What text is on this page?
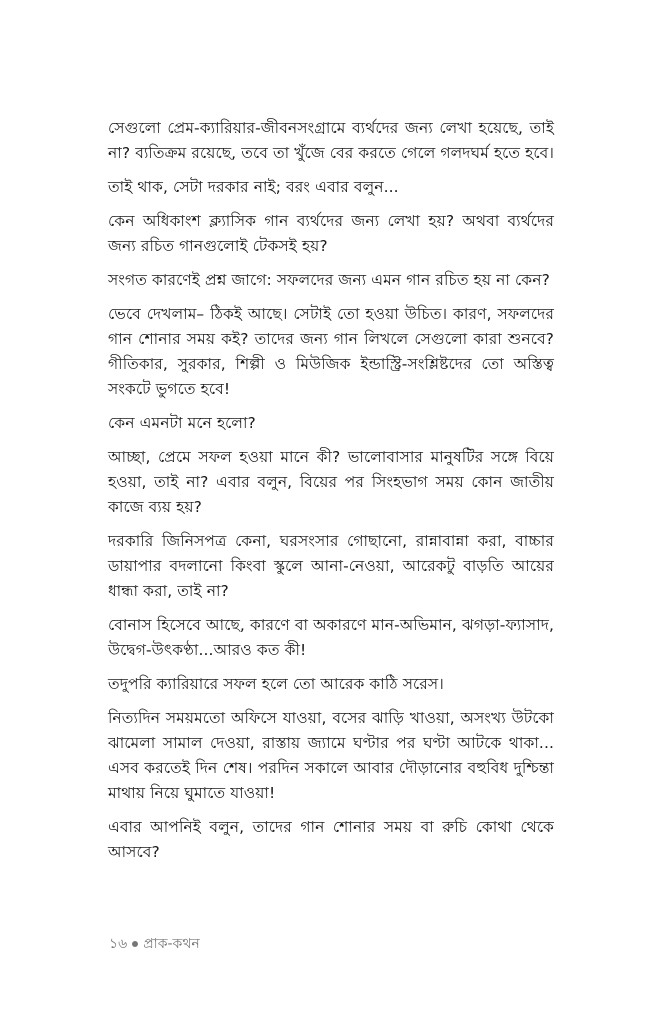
সেগুলো প্রেম-ক্যারিয়ার-জীবনসংগ্রামে ব্যর্থদের জন্য লেখা হয়েছে, তাই না? ব্যতিক্রম রয়েছে, তবে তা খুঁজে বের করতে গেলে গলদঘর্ম হতে হবে।

তাই থাক, সেটা দরকার নাই; বরং এবার বলুন...

কেন অধিকাংশ ক্ল্যাসিক গান ব্যর্থদের জন্য লেখা হয়? অথবা ব্যর্থদের জন্য রচিত গানগুলোই টেকসই হয়?

সংগত কারণেই প্রশ্ন জাগে: সফলদের জন্য এমন গান রচিত হয় না কেন?

ভেবে দেখলাম– ঠিকই আছে। সেটাই তো হওয়া উচিত। কারণ, সফলদের গান শোনার সময় কই? তাদের জন্য গান লিখলে সেগুলো কারা শুনবে? গীতিকার, সুরকার, শিল্পী ও মিউজিক ইন্ডাস্ট্রি-সংশ্লিষ্টদের তো অস্তিত্ব সংকটে ভুগতে হবে!

কেন এমনটা মনে হলো?

আচ্ছা, প্রেমে সফল হওয়া মানে কী? ভালোবাসার মানুষটির সঙ্গে বিয়ে হওয়া, তাই না? এবার বলুন, বিয়ের পর সিংহভাগ সময় কোন জাতীয় কাজে ব্যয় হয়?

দরকারি জিনিসপত্র কেনা, ঘরসংসার গোছানো, রান্নাবান্না করা, বাচ্চার ডায়াপার বদলানো কিংবা স্কুলে আনা-নেওয়া, আরেকটু বাড়তি আয়ের ধান্ধা করা, তাই না?

বোনাস হিসেবে আছে, কারণে বা অকারণে মান-অভিমান, ঝগড়া-ফ্যাসাদ, উদ্বেগ-উৎকণ্ঠা...আরও কত কী!

তদুপরি ক্যারিয়ারে সফল হলে তো আরেক কাঠি সরেস।

নিত্যদিন সময়মতো অফিসে যাওয়া, বসের ঝাড়ি খাওয়া, অসংখ্য উটকো ঝামেলা সামাল দেওয়া, রাস্তায় জ্যামে ঘণ্টার পর ঘণ্টা আটকে থাকা... এসব করতেই দিন শেষ। পরদিন সকালে আবার দৌড়ানোর বহুবিধ দুশ্চিন্তা মাথায় নিয়ে ঘুমাতে যাওয়া!

এবার আপনিই বলুন, তাদের গান শোনার সময় বা রুচি কোথা থেকে আসবে?

১৬ প্রাক-কথন
